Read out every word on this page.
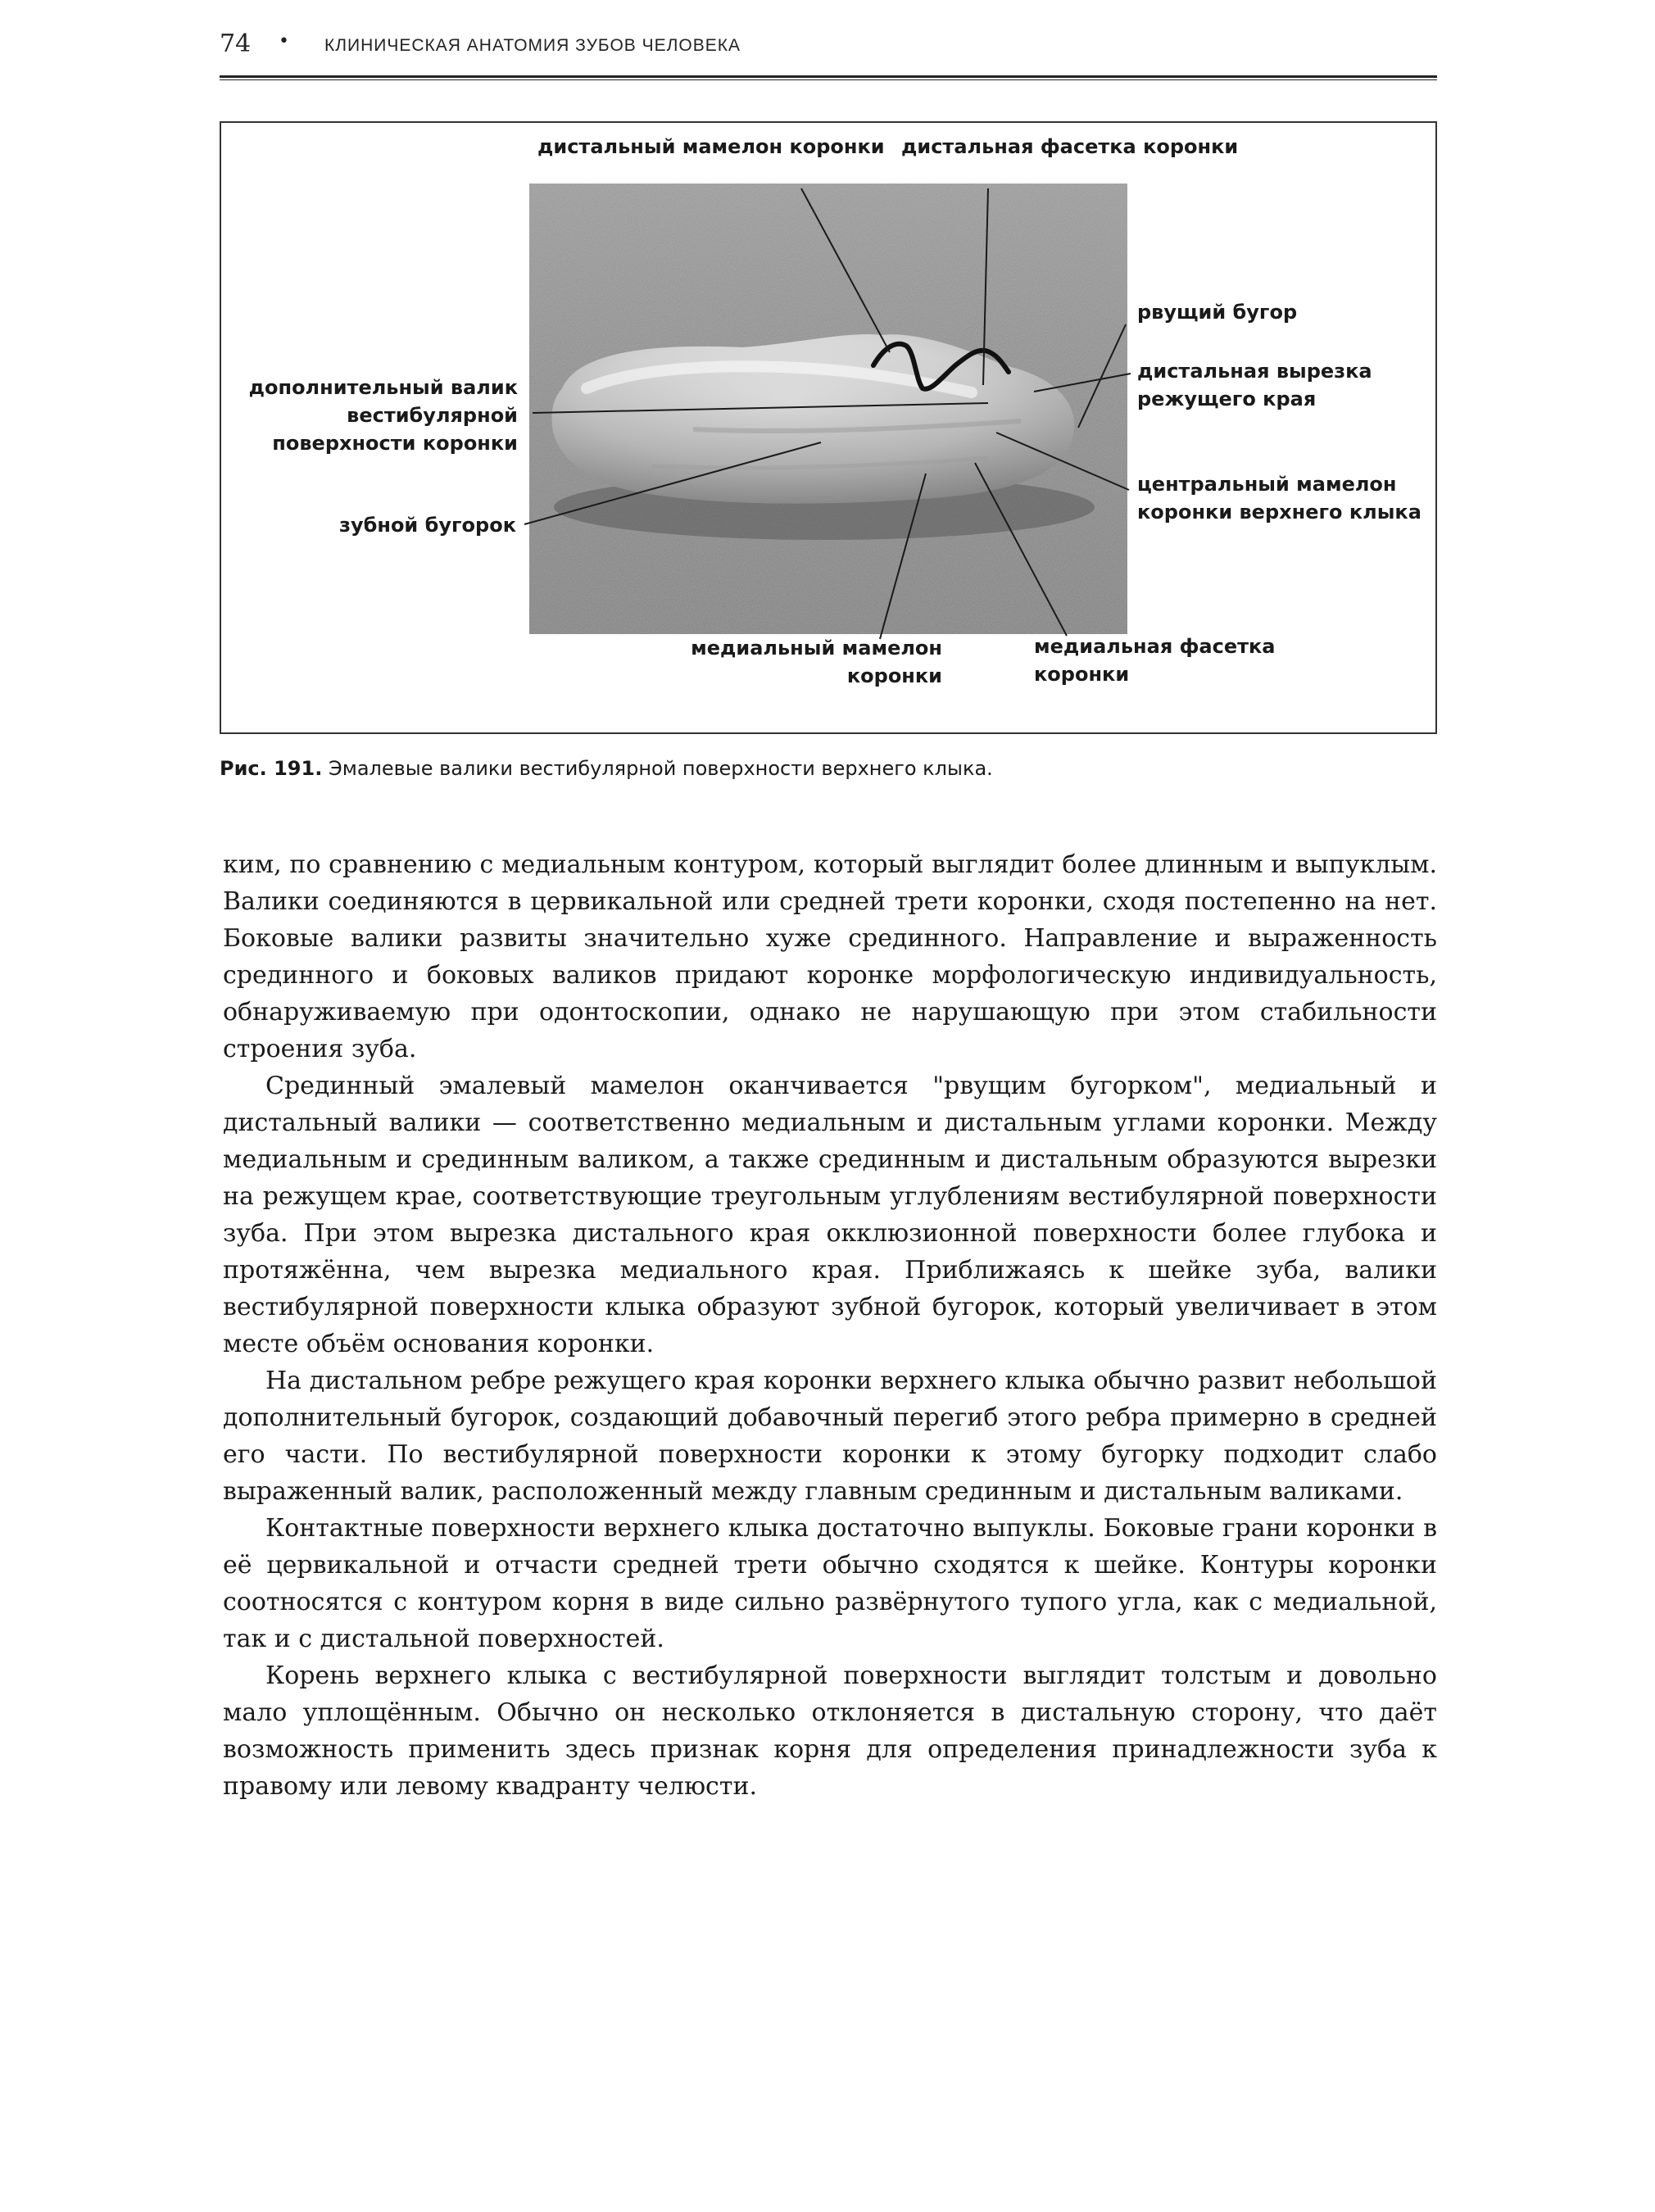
74 • КЛИНИЧЕСКАЯ АНАТОМИЯ ЗУБОВ ЧЕЛОВЕКА
дистальный мамелон коронки дистальная фасетка коронки
рвущий бугор
дистальная вырезка
режущего края
дополнительный валик
вестибулярной
поверхности коронки
центральный мамелон
коронки верхнего клыка
зубной бугорок
медиальный мамелон
коронки
медиальная фасетка
коронки
Рис. 191. Эмалевые валики вестибулярной поверхности верхнего клыка.

ким, по сравнению с медиальным контуром, который выглядит более длинным и выпуклым. Валики соединяются в цервикальной или средней трети коронки, сходя постепенно на нет. Боковые валики развиты значительно хуже срединного. Направление и выраженность срединного и боковых валиков придают коронке морфологическую индивидуальность, обнаруживаемую при одонтоскопии, однако не нарушающую при этом стабильности строения зуба.

Срединный эмалевый мамелон оканчивается "рвущим бугорком", медиальный и дистальный валики — соответственно медиальным и дистальным углами коронки. Между медиальным и срединным валиком, а также срединным и дистальным образуются вырезки на режущем крае, соответствующие треугольным углублениям вестибулярной поверхности зуба. При этом вырезка дистального края окклюзионной поверхности более глубока и протяжённа, чем вырезка медиального края. Приближаясь к шейке зуба, валики вестибулярной поверхности клыка образуют зубной бугорок, который увеличивает в этом месте объём основания коронки.

На дистальном ребре режущего края коронки верхнего клыка обычно развит небольшой дополнительный бугорок, создающий добавочный перегиб этого ребра примерно в средней его части. По вестибулярной поверхности коронки к этому бугорку подходит слабо выраженный валик, расположенный между главным срединным и дистальным валиками.

Контактные поверхности верхнего клыка достаточно выпуклы. Боковые грани коронки в её цервикальной и отчасти средней трети обычно сходятся к шейке. Контуры коронки соотносятся с контуром корня в виде сильно развёрнутого тупого угла, как с медиальной, так и с дистальной поверхностей.

Корень верхнего клыка с вестибулярной поверхности выглядит толстым и довольно мало уплощённым. Обычно он несколько отклоняется в дистальную сторону, что даёт возможность применить здесь признак корня для определения принадлежности зуба к правому или левому квадранту челюсти.
